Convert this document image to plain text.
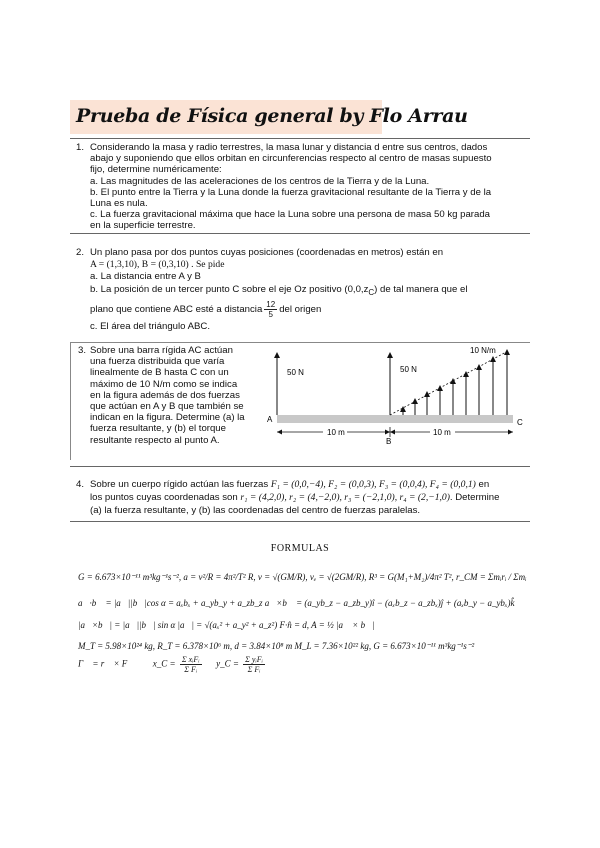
Prueba de Física general by Flo Arrau
1. Considerando la masa y radio terrestres, la masa lunar y distancia d entre sus centros, dados
abajo y suponiendo que ellos orbitan en circunferencias respecto al centro de masas supuesto
fijo, determine numéricamente:
a. Las magnitudes de las aceleraciones de los centros de la Tierra y de la Luna.
b. El punto entre la Tierra y la Luna donde la fuerza gravitacional resultante de la Tierra y de la
Luna es nula.
c. La fuerza gravitacional máxima que hace la Luna sobre una persona de masa 50 kg parada
en la superficie terrestre.
2. Un plano pasa por dos puntos cuyas posiciones (coordenadas en metros) están en
A = (1,3,10), B = (0,3,10) . Se pide
a. La distancia entre A y B
b. La posición de un tercer punto C sobre el eje Oz positivo $(0,0,z_C)$ de tal manera que el
plano que contiene ABC esté a distancia $\frac{12}{5}$ del origen
c. El área del triángulo ABC.
3. Sobre una barra rígida AC actúan
una fuerza distribuida que varía
linealmente de B hasta C con un
máximo de 10 N/m como se indica
en la figura además de dos fuerzas
que actúan en A y B que también se
indican en la figura. Determine (a) la
fuerza resultante, y (b) el torque
resultante respecto al punto A.
50 N	50 N
10 N/m
A	C
B
10 m	10 m
4. Sobre un cuerpo rígido actúan las fuerzas F₁ = (0,0,−4), F₂ = (0,0,3), F₃ = (0,0,4), F₄ = (0,0,1) en
los puntos cuyas coordenadas son r₁ = (4,2,0), r₂ = (4,−2,0), r₃ = (−2,1,0), r₄ = (2,−1,0). Determine
(a) la fuerza resultante, y (b) las coordenadas del centro de fuerzas paralelas.
FORMULAS
G = 6.673×10⁻¹¹ m³kg⁻¹s⁻², a = v²/R = 4π²/T² R, v = √(GM/R), vₑ = √(2GM/R), R³ = G(M₁+M₂)/4π² T², r_CM = Σmᵢrᵢ / Σmᵢ
a⃗·b⃗ = |a⃗||b⃗|cos α = aₓbₓ + a_yb_y + a_zb_z a⃗×b⃗ = (a_yb_z − a_zb_y)î − (aₓb_z − a_zbₓ)ĵ + (aₓb_y − a_ybₓ)k̂
|a⃗×b⃗| = |a⃗||b⃗| sin α |a⃗| = √(aₓ² + a_y² + a_z²) F·n̂ = d, A = ½ |a⃗ × b⃗|
M_T = 5.98×10²⁴ kg, R_T = 6.378×10⁶ m, d = 3.84×10⁸ m M_L = 7.36×10²² kg, G = 6.673×10⁻¹¹ m³kg⁻¹s⁻²
Γ⃗ = r⃗ × F⃗ x_C = $\frac{\text{Σ xᵢFᵢ}}{\text{Σ Fᵢ}}$ y_C = $\frac{\text{Σ yᵢFᵢ}}{\text{Σ Fᵢ}}$
